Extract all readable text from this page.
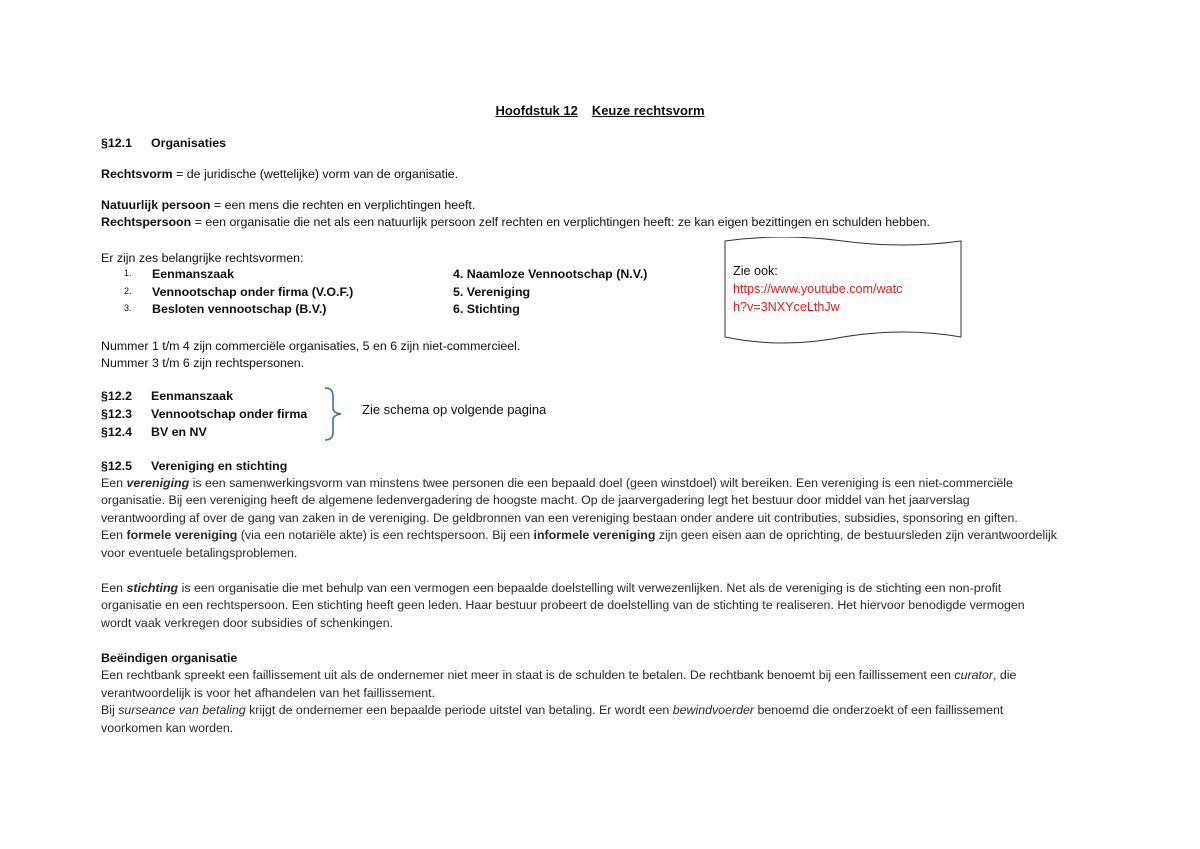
Hoofdstuk 12 Keuze rechtsvorm
§12.1 Organisaties
Rechtsvorm = de juridische (wettelijke) vorm van de organisatie.
Natuurlijk persoon = een mens die rechten en verplichtingen heeft.
Rechtspersoon = een organisatie die net als een natuurlijk persoon zelf rechten en verplichtingen heeft: ze kan eigen bezittingen en schulden hebben.
Er zijn zes belangrijke rechtsvormen:
1.	Eenmanszaak
2.	Vennootschap onder firma (V.O.F.)
3.	Besloten vennootschap (B.V.)
4. Naamloze Vennootschap (N.V.)
5. Vereniging
6. Stichting
Zie ook:
https://www.youtube.com/watc
h?v=3NXYceLthJw
Nummer 1 t/m 4 zijn commerciële organisaties, 5 en 6 zijn niet-commercieel.
Nummer 3 t/m 6 zijn rechtspersonen.
§12.2 Eenmanszaak
§12.3 Vennootschap onder firma
§12.4 BV en NV
Zie schema op volgende pagina
§12.5 Vereniging en stichting
Een vereniging is een samenwerkingsvorm van minstens twee personen die een bepaald doel (geen winstdoel) wilt bereiken. Een vereniging is een niet-commerciële
organisatie. Bij een vereniging heeft de algemene ledenvergadering de hoogste macht. Op de jaarvergadering legt het bestuur door middel van het jaarverslag
verantwoording af over de gang van zaken in de vereniging. De geldbronnen van een vereniging bestaan onder andere uit contributies, subsidies, sponsoring en giften.
Een formele vereniging (via een notariële akte) is een rechtspersoon. Bij een informele vereniging zijn geen eisen aan de oprichting, de bestuursleden zijn verantwoordelijk
voor eventuele betalingsproblemen.
Een stichting is een organisatie die met behulp van een vermogen een bepaalde doelstelling wilt verwezenlijken. Net als de vereniging is de stichting een non-profit
organisatie en een rechtspersoon. Een stichting heeft geen leden. Haar bestuur probeert de doelstelling van de stichting te realiseren. Het hiervoor benodigde vermogen
wordt vaak verkregen door subsidies of schenkingen.
Beëindigen organisatie
Een rechtbank spreekt een faillissement uit als de ondernemer niet meer in staat is de schulden te betalen. De rechtbank benoemt bij een faillissement een curator, die
verantwoordelijk is voor het afhandelen van het faillissement.
Bij surseance van betaling krijgt de ondernemer een bepaalde periode uitstel van betaling. Er wordt een bewindvoerder benoemd die onderzoekt of een faillissement
voorkomen kan worden.
